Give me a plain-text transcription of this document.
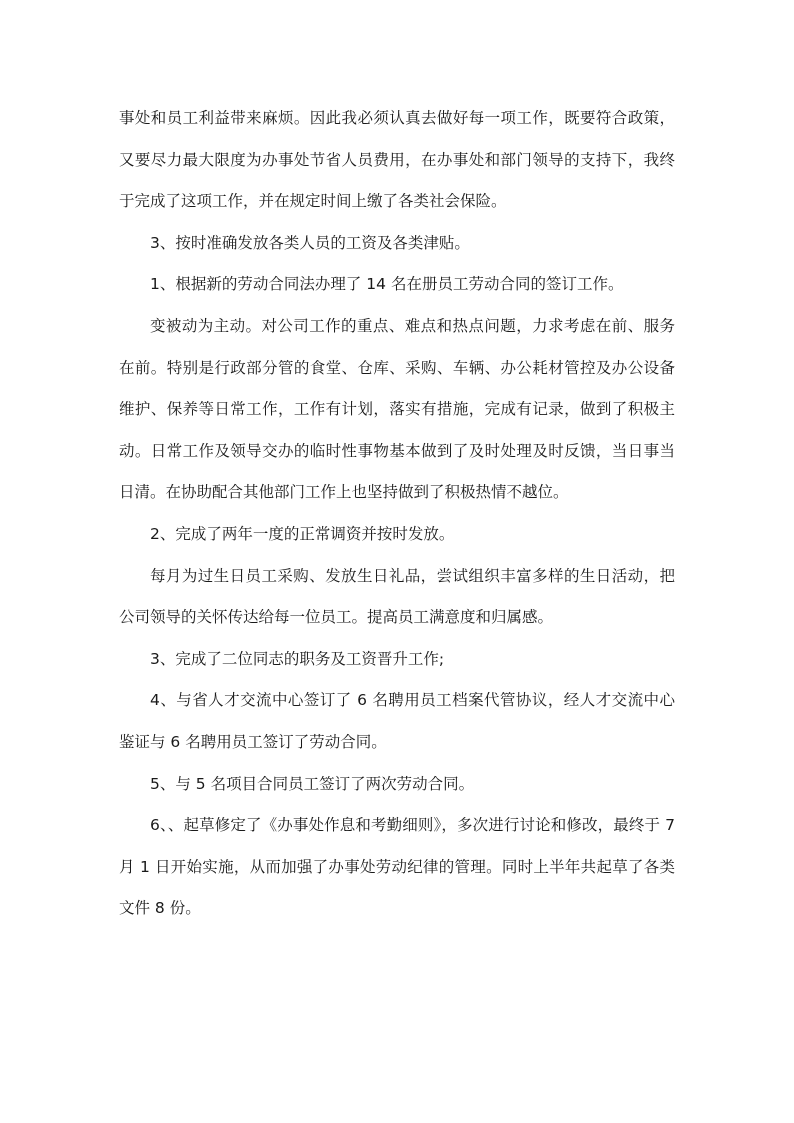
事处和员工利益带来麻烦。因此我必须认真去做好每一项工作，既要符合政策，又要尽力最大限度为办事处节省人员费用，在办事处和部门领导的支持下，我终于完成了这项工作，并在规定时间上缴了各类社会保险。

3、按时准确发放各类人员的工资及各类津贴。

1、根据新的劳动合同法办理了 14 名在册员工劳动合同的签订工作。

变被动为主动。对公司工作的重点、难点和热点问题，力求考虑在前、服务在前。特别是行政部分管的食堂、仓库、采购、车辆、办公耗材管控及办公设备维护、保养等日常工作，工作有计划，落实有措施，完成有记录，做到了积极主动。日常工作及领导交办的临时性事物基本做到了及时处理及时反馈，当日事当日清。在协助配合其他部门工作上也坚持做到了积极热情不越位。

2、完成了两年一度的正常调资并按时发放。

每月为过生日员工采购、发放生日礼品，尝试组织丰富多样的生日活动，把公司领导的关怀传达给每一位员工。提高员工满意度和归属感。

3、完成了二位同志的职务及工资晋升工作;

4、与省人才交流中心签订了 6 名聘用员工档案代管协议，经人才交流中心鉴证与 6 名聘用员工签订了劳动合同。

5、与 5 名项目合同员工签订了两次劳动合同。

6、、起草修定了《办事处作息和考勤细则》，多次进行讨论和修改，最终于 7 月 1 日开始实施，从而加强了办事处劳动纪律的管理。同时上半年共起草了各类文件 8 份。
